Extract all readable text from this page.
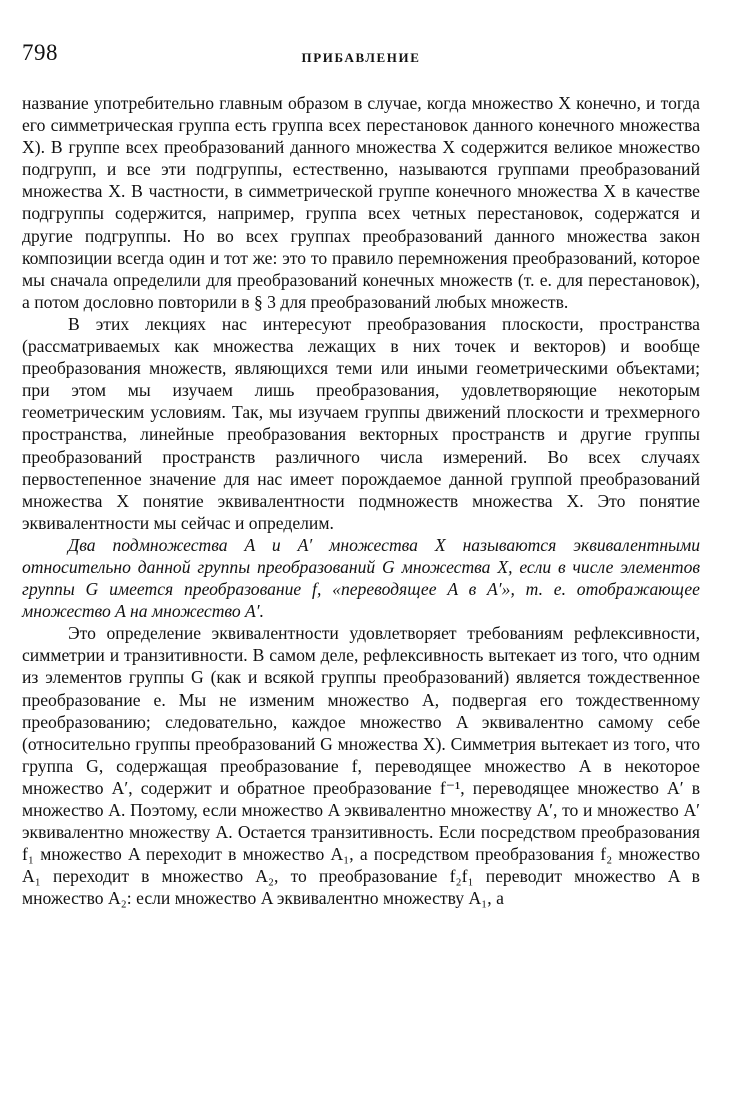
798	ПРИБАВЛЕНИЕ

название употребительно главным образом в случае, когда множество X конечно, и тогда его симметрическая группа есть группа всех перестановок данного конечного множества X). В группе всех преобразований данного множества X содержится великое множество подгрупп, и все эти подгруппы, естественно, называются группами преобразований множества X. В частности, в симметрической группе конечного множества X в качестве подгруппы содержится, например, группа всех четных перестановок, содержатся и другие подгруппы. Но во всех группах преобразований данного множества закон композиции всегда один и тот же: это то правило перемножения преобразований, которое мы сначала определили для преобразований конечных множеств (т. е. для перестановок), а потом дословно повторили в § 3 для преобразований любых множеств.

В этих лекциях нас интересуют преобразования плоскости, пространства (рассматриваемых как множества лежащих в них точек и векторов) и вообще преобразования множеств, являющихся теми или иными геометрическими объектами; при этом мы изучаем лишь преобразования, удовлетворяющие некоторым геометрическим условиям. Так, мы изучаем группы движений плоскости и трехмерного пространства, линейные преобразования векторных пространств и другие группы преобразований пространств различного числа измерений. Во всех случаях первостепенное значение для нас имеет порождаемое данной группой преобразований множества X понятие эквивалентности подмножеств множества X. Это понятие эквивалентности мы сейчас и определим.

Два подмножества A и A′ множества X называются эквивалентными относительно данной группы преобразований G множества X, если в числе элементов группы G имеется преобразование f, «переводящее A в A′», т. е. отображающее множество A на множество A′.

Это определение эквивалентности удовлетворяет требованиям рефлексивности, симметрии и транзитивности. В самом деле, рефлексивность вытекает из того, что одним из элементов группы G (как и всякой группы преобразований) является тождественное преобразование e. Мы не изменим множество A, подвергая его тождественному преобразованию; следовательно, каждое множество A эквивалентно самому себе (относительно группы преобразований G множества X). Симметрия вытекает из того, что группа G, содержащая преобразование f, переводящее множество A в некоторое множество A′, содержит и обратное преобразование f⁻¹, переводящее множество A′ в множество A. Поэтому, если множество A эквивалентно множеству A′, то и множество A′ эквивалентно множеству A. Остается транзитивность. Если посредством преобразования f₁ множество A переходит в множество A₁, а посредством преобразования f₂ множество A₁ переходит в множество A₂, то преобразование f₂f₁ переводит множество A в множество A₂: если множество A эквивалентно множеству A₁, а
